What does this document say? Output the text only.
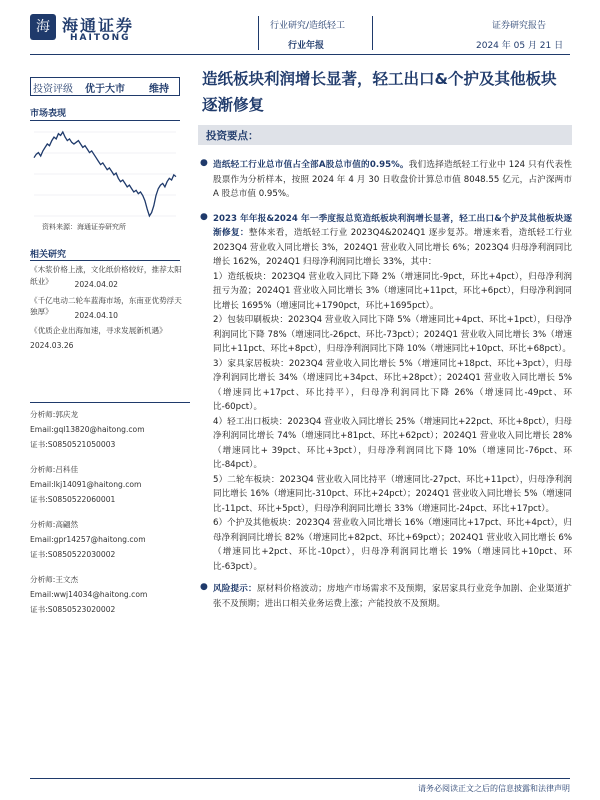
海 海通证券
HAITONG
行业研究/造纸轻工
行业年报
证券研究报告
2024 年 05 月 21 日
投资评级 优于大市 维持
造纸板块利润增长显著，轻工出口&个护及其他板块逐渐修复
市场表现
资料来源：海通证券研究所
相关研究
《木浆价格上涨，文化纸价格较好，推荐太阳纸业》	2024.04.02
《千亿电动二轮车蓝海市场，东南亚优势浮天独厚》	2024.04.10
《优质企业出海加速，寻求发展新机遇》
2024.03.26
分析师:郭庆龙
Email:gql13820@haitong.com
证书:S0850521050003
分析师:吕科佳
Email:lkj14091@haitong.com
证书:S0850522060001
分析师:高翩然
Email:gpr14257@haitong.com
证书:S0850522030002
分析师:王文杰
Email:wwj14034@haitong.com
证书:S0850523020002
投资要点：
● 造纸轻工行业总市值占全部A股总市值的0.95%。我们选择造纸轻工行业中 124 只有代表性股票作为分析样本，按照 2024 年 4 月 30 日收盘价计算总市值 8048.55 亿元，占沪深两市 A 股总市值 0.95%。
● 2023 年年报&2024 年一季度报总览造纸板块利润增长显著，轻工出口&个护及其他板块逐渐修复：整体来看，造纸轻工行业 2023Q4&2024Q1 逐步复苏。增速来看，造纸轻工行业 2023Q4 营业收入同比增长 3%，2024Q1 营业收入同比增长 6%；2023Q4 归母净利润同比增长 162%，2024Q1 归母净利润同比增长 33%，其中：
1）造纸板块：2023Q4 营业收入同比下降 2%（增速同比-9pct，环比+4pct），归母净利润扭亏为盈；2024Q1 营业收入同比增长 3%（增速同比+11pct，环比+6pct），归母净利润同比增长 1695%（增速同比+1790pct，环比+1695pct）。
2）包装印刷板块：2023Q4 营业收入同比下降 5%（增速同比+4pct、环比+1pct），归母净利润同比下降 78%（增速同比-26pct、环比-73pct）；2024Q1 营业收入同比增长 3%（增速同比+11pct、环比+8pct），归母净利润同比下降 10%（增速同比+10pct、环比+68pct）。
3）家具家居板块：2023Q4 营业收入同比增长 5%（增速同比+18pct、环比+3pct），归母净利润同比增长 34%（增速同比+34pct、环比+28pct）；2024Q1 营业收入同比增长 5%（增速同比+17pct、环比持平），归母净利润同比下降 26%（增速同比-49pct、环比-60pct）。
4）轻工出口板块：2023Q4 营业收入同比增长 25%（增速同比+22pct、环比+8pct），归母净利润同比增长 74%（增速同比+81pct、环比+62pct）；2024Q1 营业收入同比增长 28%（增速同比+ 39pct、环比+3pct），归母净利润同比下降 10%（增速同比-76pct、环比-84pct）。
5）二轮车板块：2023Q4 营业收入同比持平（增速同比-27pct、环比+11pct），归母净利润同比增长 16%（增速同比-310pct、环比+24pct）；2024Q1 营业收入同比增长 5%（增速同比-11pct、环比+5pct），归母净利润同比增长 33%（增速同比-24pct、环比+17pct）。
6）个护及其他板块：2023Q4 营业收入同比增长 16%（增速同比+17pct、环比+4pct），归母净利润同比增长 82%（增速同比+82pct、环比+69pct）；2024Q1 营业收入同比增长 6%（增速同比+2pct、环比-10pct），归母净利润同比增长 19%（增速同比+10pct、环比-63pct）。
● 风险提示：原材料价格波动；房地产市场需求不及预期，家居家具行业竞争加剧、企业渠道扩张不及预期；进出口相关业务运费上涨；产能投放不及预期。
请务必阅读正文之后的信息披露和法律声明
